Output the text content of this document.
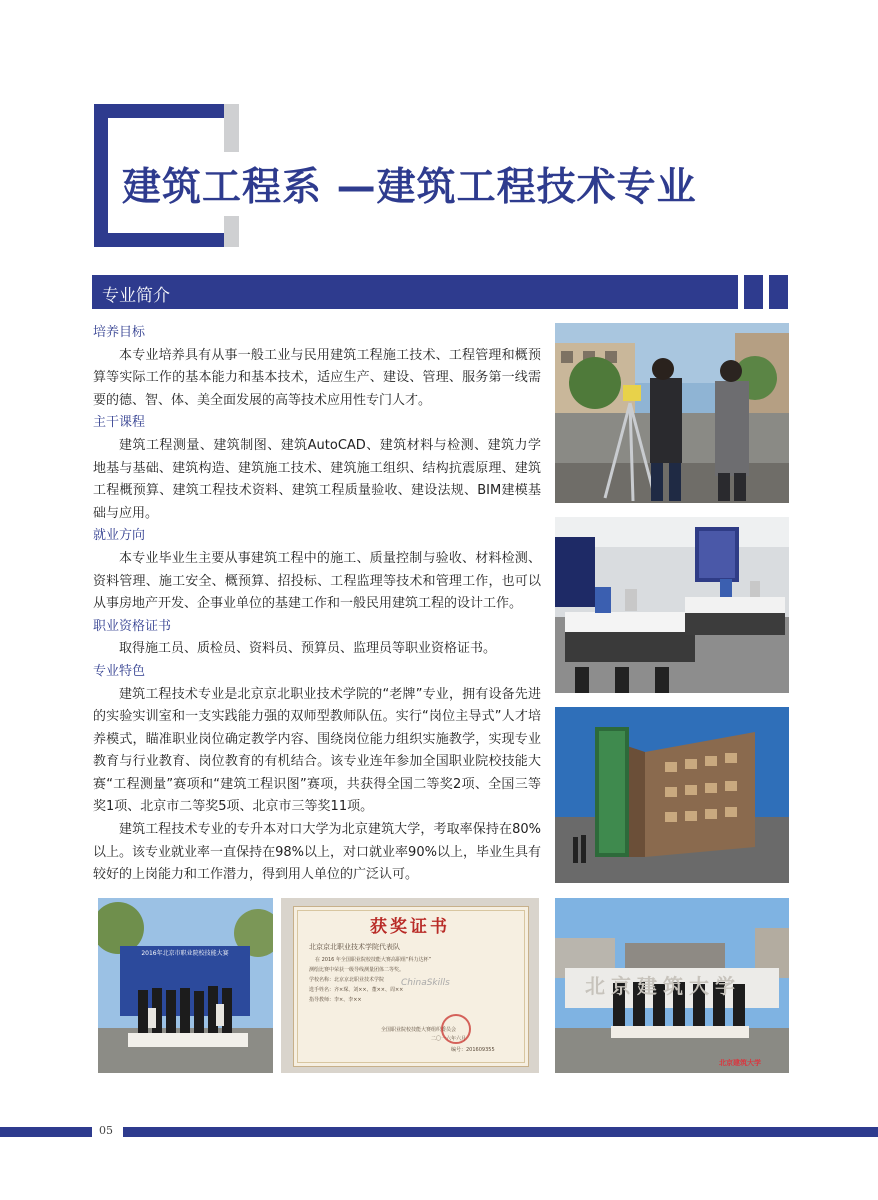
建筑工程系 —建筑工程技术专业
专业简介
培养目标
本专业培养具有从事一般工业与民用建筑工程施工技术、工程管理和概预算等实际工作的基本能力和基本技术，适应生产、建设、管理、服务第一线需要的德、智、体、美全面发展的高等技术应用性专门人才。
主干课程
建筑工程测量、建筑制图、建筑AutoCAD、建筑材料与检测、建筑力学地基与基础、建筑构造、建筑施工技术、建筑施工组织、结构抗震原理、建筑工程概预算、建筑工程技术资料、建筑工程质量验收、建设法规、BIM建模基础与应用。
就业方向
本专业毕业生主要从事建筑工程中的施工、质量控制与验收、材料检测、资料管理、施工安全、概预算、招投标、工程监理等技术和管理工作，也可以从事房地产开发、企事业单位的基建工作和一般民用建筑工程的设计工作。
职业资格证书
取得施工员、质检员、资料员、预算员、监理员等职业资格证书。
专业特色
建筑工程技术专业是北京京北职业技术学院的“老牌”专业，拥有设备先进的实验实训室和一支实践能力强的双师型教师队伍。实行“岗位主导式”人才培养模式，瞄准职业岗位确定教学内容、围绕岗位能力组织实施教学，实现专业教育与行业教育、岗位教育的有机结合。该专业连年参加全国职业院校技能大赛“工程测量”赛项和“建筑工程识图”赛项，共获得全国二等奖2项、全国三等奖1项、北京市二等奖5项、北京市三等奖11项。
建筑工程技术专业的专升本对口大学为北京建筑大学，考取率保持在80%以上。该专业就业率一直保持在98%以上，对口就业率90%以上，毕业生具有较好的上岗能力和工作潜力，得到用人单位的广泛认可。
2016年北京市职业院校技能大赛
获奖证书
北京京北职业技术学院代表队
在 2016 年全国职业院校技能大赛高职组“科力达杯”
测绘比赛中荣获一级导线测量团体二等奖。
学校名称：北京京北职业技术学院
选手姓名：齐×琛、刘××、董××、周××
指导教师：李×、李××
ChinaSkills
全国职业院校技能大赛组织委员会
二〇一六年六月
编号：201609355
北京建筑大学
北京建筑大学
05
